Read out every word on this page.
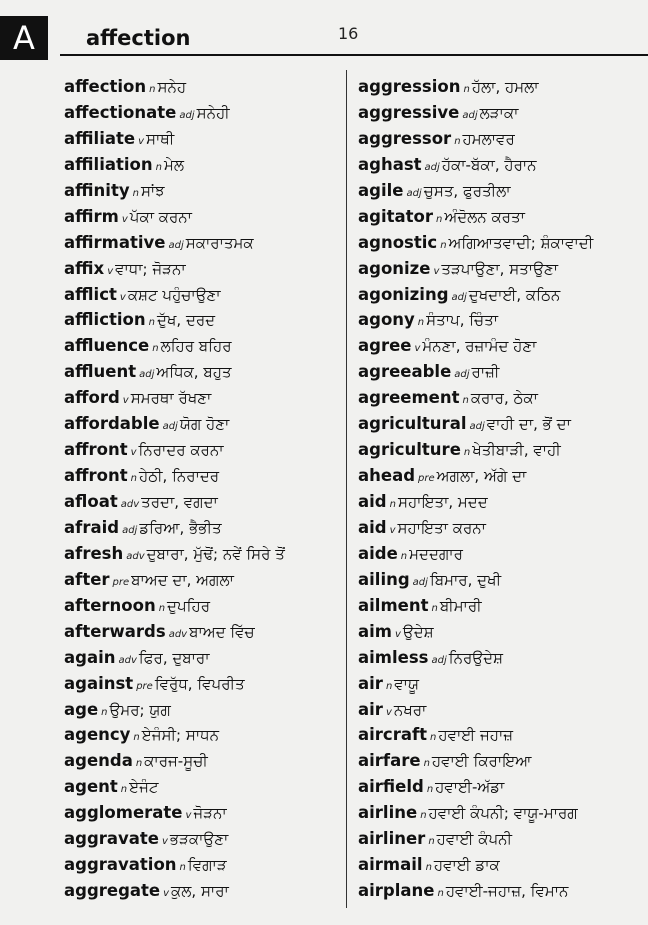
A	affection	16
affection n ਸਨੇਹ
affectionate adj ਸਨੇਹੀ
affiliate v ਸਾਥੀ
affiliation n ਮੇਲ
affinity n ਸਾਂਝ
affirm v ਪੱਕਾ ਕਰਨਾ
affirmative adj ਸਕਾਰਾਤਮਕ
affix v ਵਾਧਾ; ਜੋੜਨਾ
afflict v ਕਸ਼ਟ ਪਹੁੰਚਾਉਣਾ
affliction n ਦੁੱਖ, ਦਰਦ
affluence n ਲਹਿਰ ਬਹਿਰ
affluent adj ਅਧਿਕ, ਬਹੁਤ
afford v ਸਮਰਥਾ ਰੱਖਣਾ
affordable adj ਯੋਗ ਹੋਣਾ
affront v ਨਿਰਾਦਰ ਕਰਨਾ
affront n ਹੇਠੀ, ਨਿਰਾਦਰ
afloat adv ਤਰਦਾ, ਵਗਦਾ
afraid adj ਡਰਿਆ, ਭੈਭੀਤ
afresh adv ਦੁਬਾਰਾ, ਮੁੱਢੋਂ; ਨਵੇਂ ਸਿਰੇ ਤੋਂ
after pre ਬਾਅਦ ਦਾ, ਅਗਲਾ
afternoon n ਦੁਪਹਿਰ
afterwards adv ਬਾਅਦ ਵਿੱਚ
again adv ਫਿਰ, ਦੁਬਾਰਾ
against pre ਵਿਰੁੱਧ, ਵਿਪਰੀਤ
age n ਉਮਰ; ਯੁਗ
agency n ਏਜੰਸੀ; ਸਾਧਨ
agenda n ਕਾਰਜ-ਸੂਚੀ
agent n ਏਜੰਟ
agglomerate v ਜੋੜਨਾ
aggravate v ਭੜਕਾਉਣਾ
aggravation n ਵਿਗਾੜ
aggregate v ਕੁਲ, ਸਾਰਾ
aggression n ਹੱਲਾ, ਹਮਲਾ
aggressive adj ਲੜਾਕਾ
aggressor n ਹਮਲਾਵਰ
aghast adj ਹੱਕਾ-ਬੱਕਾ, ਹੈਰਾਨ
agile adj ਚੁਸਤ, ਫੁਰਤੀਲਾ
agitator n ਅੰਦੋਲਨ ਕਰਤਾ
agnostic n ਅਗਿਆਤਵਾਦੀ; ਸ਼ੰਕਾਵਾਦੀ
agonize v ਤੜਪਾਉਣਾ, ਸਤਾਉਣਾ
agonizing adj ਦੁਖਦਾਈ, ਕਠਿਨ
agony n ਸੰਤਾਪ, ਚਿੰਤਾ
agree v ਮੰਨਣਾ, ਰਜ਼ਾਮੰਦ ਹੋਣਾ
agreeable adj ਰਾਜ਼ੀ
agreement n ਕਰਾਰ, ਠੇਕਾ
agricultural adj ਵਾਹੀ ਦਾ, ਭੋਂ ਦਾ
agriculture n ਖੇਤੀਬਾੜੀ, ਵਾਹੀ
ahead pre ਅਗਲਾ, ਅੱਗੇ ਦਾ
aid n ਸਹਾਇਤਾ, ਮਦਦ
aid v ਸਹਾਇਤਾ ਕਰਨਾ
aide n ਮਦਦਗਾਰ
ailing adj ਬਿਮਾਰ, ਦੁਖੀ
ailment n ਬੀਮਾਰੀ
aim v ਉਦੇਸ਼
aimless adj ਨਿਰਉਦੇਸ਼
air n ਵਾਯੂ
air v ਨਖਰਾ
aircraft n ਹਵਾਈ ਜਹਾਜ਼
airfare n ਹਵਾਈ ਕਿਰਾਇਆ
airfield n ਹਵਾਈ-ਅੱਡਾ
airline n ਹਵਾਈ ਕੰਪਨੀ; ਵਾਯੂ-ਮਾਰਗ
airliner n ਹਵਾਈ ਕੰਪਨੀ
airmail n ਹਵਾਈ ਡਾਕ
airplane n ਹਵਾਈ-ਜਹਾਜ਼, ਵਿਮਾਨ
